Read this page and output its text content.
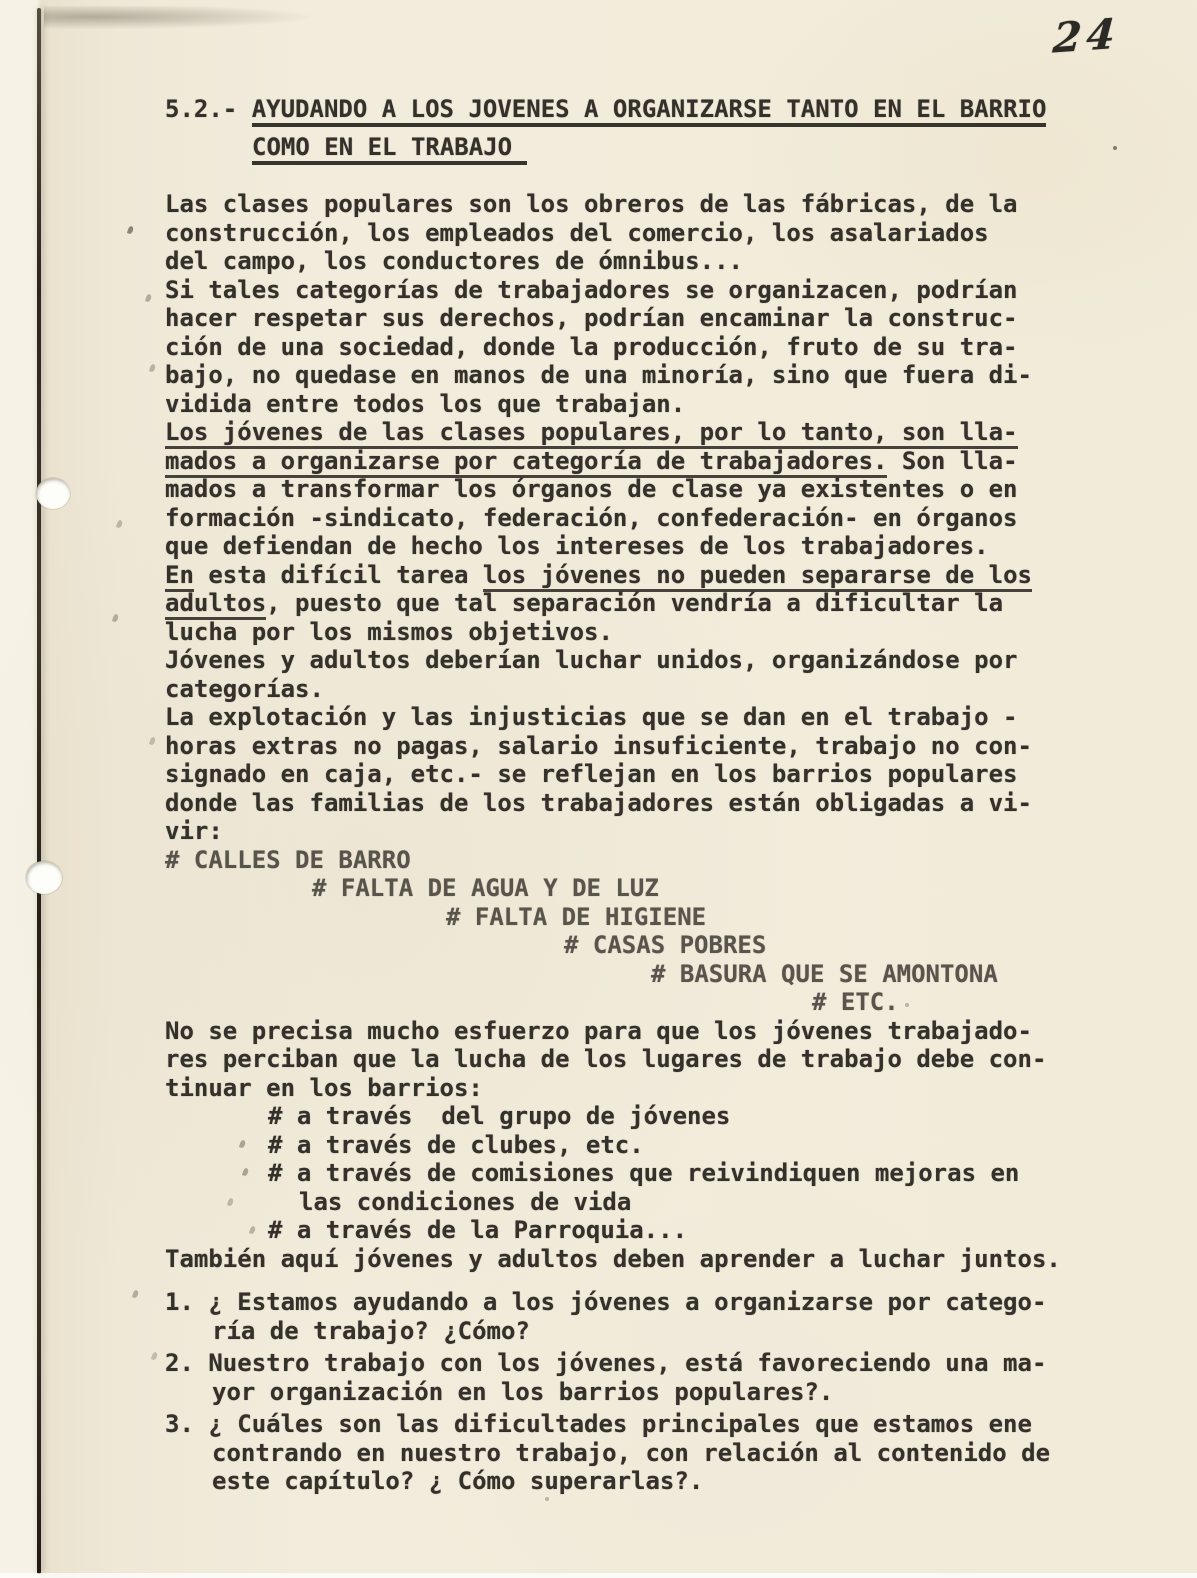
24
5.2.- AYUDANDO A LOS JOVENES A ORGANIZARSE TANTO EN EL BARRIO
COMO EN EL TRABAJO
Las clases populares son los obreros de las fábricas, de la
construcción, los empleados del comercio, los asalariados
del campo, los conductores de ómnibus...
Si tales categorías de trabajadores se organizacen, podrían
hacer respetar sus derechos, podrían encaminar la construc-
ción de una sociedad, donde la producción, fruto de su tra-
bajo, no quedase en manos de una minoría, sino que fuera di-
vidida entre todos los que trabajan.
Los jóvenes de las clases populares, por lo tanto, son lla-
mados a organizarse por categoría de trabajadores. Son lla-
mados a transformar los órganos de clase ya existentes o en
formación -sindicato, federación, confederación- en órganos
que defiendan de hecho los intereses de los trabajadores.
En esta difícil tarea los jóvenes no pueden separarse de los
adultos, puesto que tal separación vendría a dificultar la
lucha por los mismos objetivos.
Jóvenes y adultos deberían luchar unidos, organizándose por
categorías.
La explotación y las injusticias que se dan en el trabajo -
horas extras no pagas, salario insuficiente, trabajo no con-
signado en caja, etc.- se reflejan en los barrios populares
donde las familias de los trabajadores están obligadas a vi-
vir:
# CALLES DE BARRO
# FALTA DE AGUA Y DE LUZ
# FALTA DE HIGIENE
# CASAS POBRES
# BASURA QUE SE AMONTONA
# ETC.
No se precisa mucho esfuerzo para que los jóvenes trabajado-
res perciban que la lucha de los lugares de trabajo debe con-
tinuar en los barrios:
# a través  del grupo de jóvenes
# a través de clubes, etc.
# a través de comisiones que reivindiquen mejoras en
las condiciones de vida
# a través de la Parroquia...
También aquí jóvenes y adultos deben aprender a luchar juntos.
1. ¿ Estamos ayudando a los jóvenes a organizarse por catego-
ría de trabajo? ¿Cómo?
2. Nuestro trabajo con los jóvenes, está favoreciendo una ma-
yor organización en los barrios populares?.
3. ¿ Cuáles son las dificultades principales que estamos ene
contrando en nuestro trabajo, con relación al contenido de
este capítulo? ¿ Cómo superarlas?.
